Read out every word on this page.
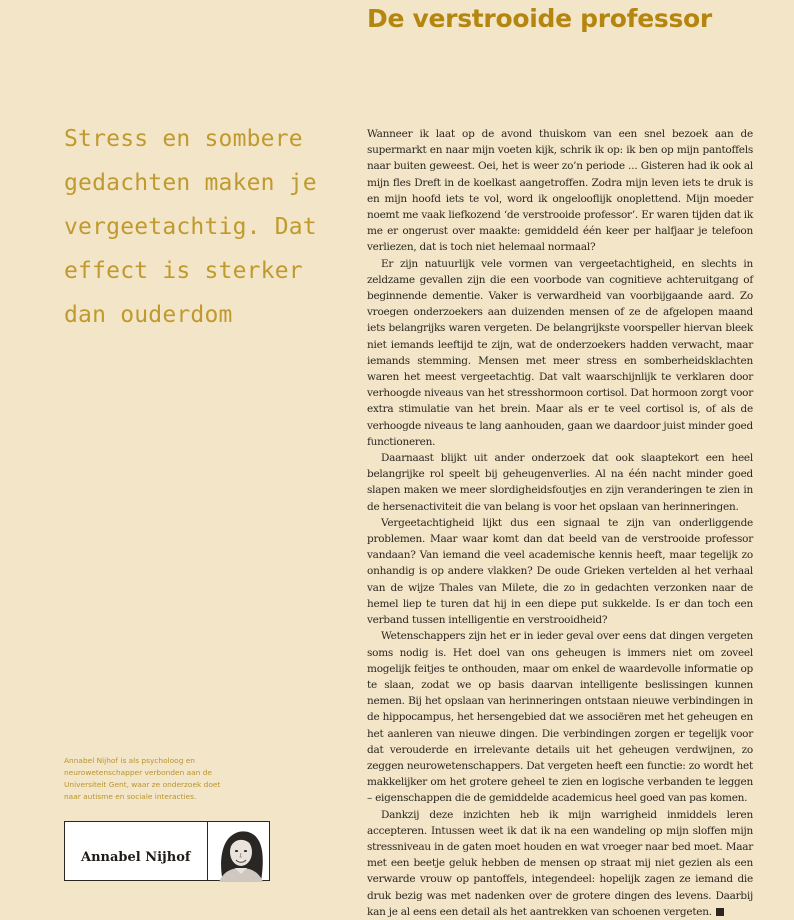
De verstrooide professor

Stress en sombere gedachten maken je vergeetachtig. Dat effect is sterker dan ouderdom

Wanneer ik laat op de avond thuiskom van een snel bezoek aan de supermarkt en naar mijn voeten kijk, schrik ik op: ik ben op mijn pantoffels naar buiten geweest. Oei, het is weer zo’n periode ... Gisteren had ik ook al mijn fles Dreft in de koelkast aangetroffen. Zodra mijn leven iets te druk is en mijn hoofd iets te vol, word ik ongelooflijk onoplettend. Mijn moeder noemt me vaak liefkozend ‘de verstrooide professor’. Er waren tijden dat ik me er ongerust over maakte: gemiddeld één keer per halfjaar je telefoon verliezen, dat is toch niet helemaal normaal?

Er zijn natuurlijk vele vormen van vergeetachtigheid, en slechts in zeldzame gevallen zijn die een voorbode van cognitieve achteruitgang of beginnende dementie. Vaker is verwardheid van voorbijgaande aard. Zo vroegen onderzoekers aan duizenden mensen of ze de afgelopen maand iets belangrijks waren vergeten. De belangrijkste voorspeller hiervan bleek niet iemands leeftijd te zijn, wat de onderzoekers hadden verwacht, maar iemands stemming. Mensen met meer stress en somberheidsklachten waren het meest vergeetachtig. Dat valt waarschijnlijk te verklaren door verhoogde niveaus van het stresshormoon cortisol. Dat hormoon zorgt voor extra stimulatie van het brein. Maar als er te veel cortisol is, of als de verhoogde niveaus te lang aanhouden, gaan we daardoor juist minder goed functioneren.

Daarnaast blijkt uit ander onderzoek dat ook slaaptekort een heel belangrijke rol speelt bij geheugenverlies. Al na één nacht minder goed slapen maken we meer slordigheidsfoutjes en zijn veranderingen te zien in de hersenactiviteit die van belang is voor het opslaan van herinneringen.

Vergeetachtigheid lijkt dus een signaal te zijn van onderliggende problemen. Maar waar komt dan dat beeld van de verstrooide professor vandaan? Van iemand die veel academische kennis heeft, maar tegelijk zo onhandig is op andere vlakken? De oude Grieken vertelden al het verhaal van de wijze Thales van Milete, die zo in gedachten verzonken naar de hemel liep te turen dat hij in een diepe put sukkelde. Is er dan toch een verband tussen intelligentie en verstrooidheid?

Wetenschappers zijn het er in ieder geval over eens dat dingen vergeten soms nodig is. Het doel van ons geheugen is immers niet om zoveel mogelijk feitjes te onthouden, maar om enkel de waardevolle informatie op te slaan, zodat we op basis daarvan intelligente beslissingen kunnen nemen. Bij het opslaan van herinneringen ontstaan nieuwe verbindingen in de hippocampus, het hersengebied dat we associëren met het geheugen en het aanleren van nieuwe dingen. Die verbindingen zorgen er tegelijk voor dat verouderde en irrelevante details uit het geheugen verdwijnen, zo zeggen neurowetenschappers. Dat vergeten heeft een functie: zo wordt het makkelijker om het grotere geheel te zien en logische verbanden te leggen – eigenschappen die de gemiddelde academicus heel goed van pas komen.

Dankzij deze inzichten heb ik mijn warrigheid inmiddels leren accepteren. Intussen weet ik dat ik na een wandeling op mijn sloffen mijn stressniveau in de gaten moet houden en wat vroeger naar bed moet. Maar met een beetje geluk hebben de mensen op straat mij niet gezien als een verwarde vrouw op pantoffels, integendeel: hopelijk zagen ze iemand die druk bezig was met nadenken over de grotere dingen des levens. Daarbij kan je al eens een detail als het aantrekken van schoenen vergeten.

Annabel Nijhof is als psycholoog en neurowetenschapper verbonden aan de Universiteit Gent, waar ze onderzoek doet naar autisme en sociale interacties.

Annabel Nijhof
